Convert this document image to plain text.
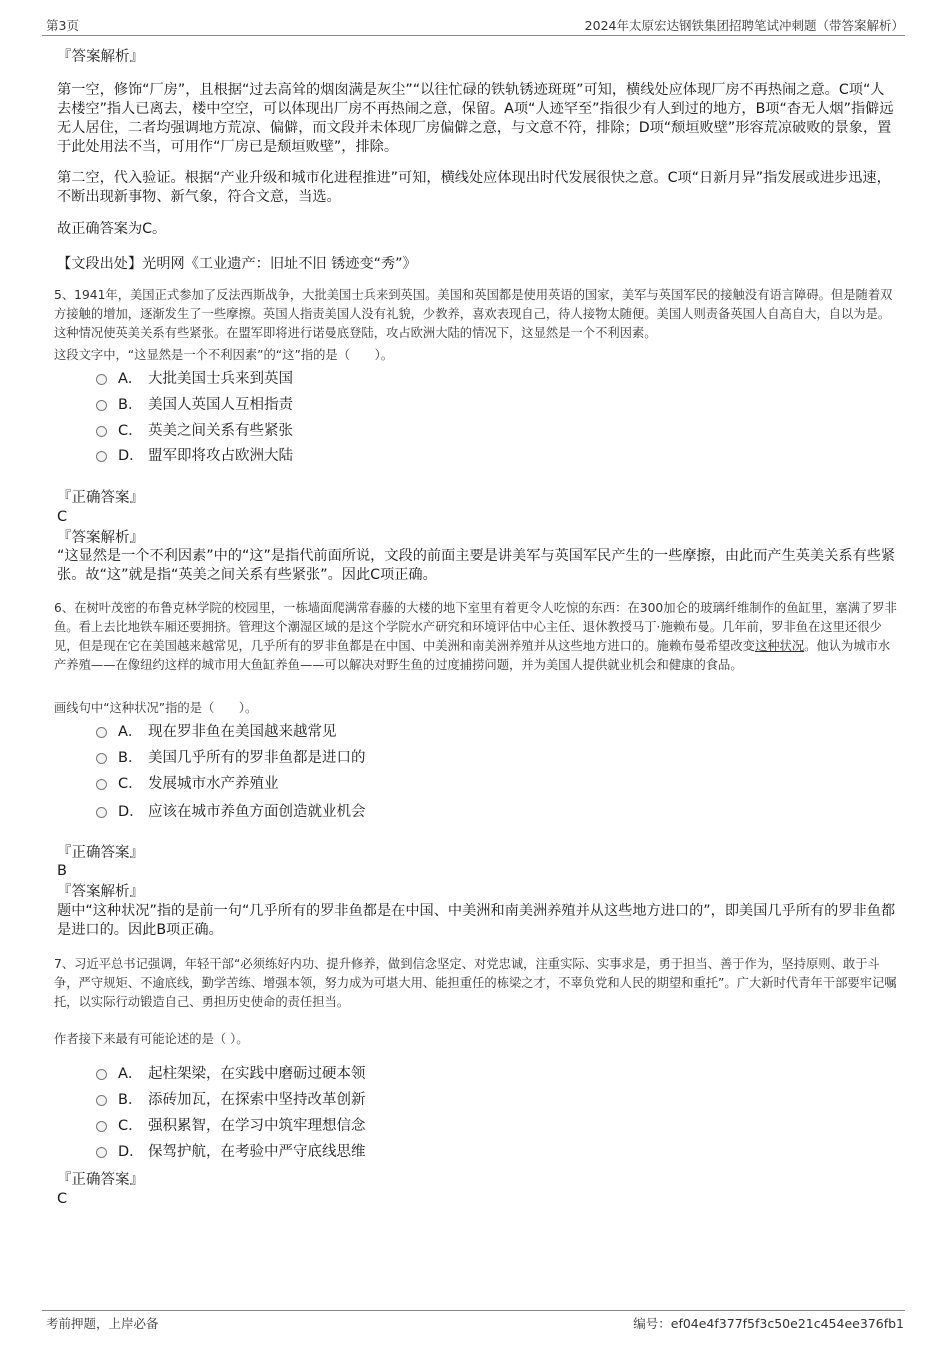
第3页	2024年太原宏达钢铁集团招聘笔试冲刺题（带答案解析）
『答案解析』
第一空，修饰“厂房”，且根据“过去高耸的烟囱满是灰尘”“以往忙碌的铁轨锈迹斑斑”可知，横线处应体现厂房不再热闹之意。C项“人去楼空”指人已离去，楼中空空，可以体现出厂房不再热闹之意，保留。A项“人迹罕至”指很少有人到过的地方，B项“杳无人烟”指僻远无人居住，二者均强调地方荒凉、偏僻，而文段并未体现厂房偏僻之意，与文意不符，排除；D项“颓垣败壁”形容荒凉破败的景象，置于此处用法不当，可用作“厂房已是颓垣败壁”，排除。
第二空，代入验证。根据“产业升级和城市化进程推进”可知，横线处应体现出时代发展很快之意。C项“日新月异”指发展或进步迅速，不断出现新事物、新气象，符合文意，当选。
故正确答案为C。
【文段出处】光明网《工业遗产：旧址不旧 锈迹变“秀”》
5、1941年，美国正式参加了反法西斯战争，大批美国士兵来到英国。美国和英国都是使用英语的国家，美军与英国军民的接触没有语言障碍。但是随着双方接触的增加，逐渐发生了一些摩擦。英国人指责美国人没有礼貌，少教养，喜欢表现自己，待人接物太随便。美国人则责备英国人自高自大，自以为是。这种情况使英美关系有些紧张。在盟军即将进行诺曼底登陆，攻占欧洲大陆的情况下，这显然是一个不利因素。
这段文字中，“这显然是一个不利因素”的“这”指的是（　　）。
A． 大批美国士兵来到英国
B． 美国人英国人互相指责
C． 英美之间关系有些紧张
D． 盟军即将攻占欧洲大陆
『正确答案』
C
『答案解析』
“这显然是一个不利因素”中的“这”是指代前面所说，文段的前面主要是讲美军与英国军民产生的一些摩擦，由此而产生英美关系有些紧张。故“这”就是指“英美之间关系有些紧张”。因此C项正确。
6、在树叶茂密的布鲁克林学院的校园里，一栋墙面爬满常春藤的大楼的地下室里有着更令人吃惊的东西：在300加仑的玻璃纤维制作的鱼缸里，塞满了罗非鱼。看上去比地铁车厢还要拥挤。管理这个潮湿区域的是这个学院水产研究和环境评估中心主任、退休教授马丁·施赖布曼。几年前，罗非鱼在这里还很少见，但是现在它在美国越来越常见，几乎所有的罗非鱼都是在中国、中美洲和南美洲养殖并从这些地方进口的。施赖布曼希望改变这种状况。他认为城市水产养殖——在像纽约这样的城市用大鱼缸养鱼——可以解决对野生鱼的过度捕捞问题，并为美国人提供就业机会和健康的食品。
画线句中“这种状况”指的是（　　）。
A． 现在罗非鱼在美国越来越常见
B． 美国几乎所有的罗非鱼都是进口的
C． 发展城市水产养殖业
D． 应该在城市养鱼方面创造就业机会
『正确答案』
B
『答案解析』
题中“这种状况”指的是前一句“几乎所有的罗非鱼都是在中国、中美洲和南美洲养殖并从这些地方进口的”，即美国几乎所有的罗非鱼都是进口的。因此B项正确。
7、习近平总书记强调，年轻干部“必须练好内功、提升修养，做到信念坚定、对党忠诚，注重实际、实事求是，勇于担当、善于作为，坚持原则、敢于斗争，严守规矩、不逾底线，勤学苦练、增强本领，努力成为可堪大用、能担重任的栋梁之才，不辜负党和人民的期望和重托”。广大新时代青年干部要牢记嘱托，以实际行动锻造自己、勇担历史使命的责任担当。
作者接下来最有可能论述的是（ ）。
A． 起柱架梁，在实践中磨砺过硬本领
B． 添砖加瓦，在探索中坚持改革创新
C． 强积累智，在学习中筑牢理想信念
D． 保驾护航，在考验中严守底线思维
『正确答案』
C
考前押题，上岸必备	编号：ef04e4f377f5f3c50e21c454ee376fb1
